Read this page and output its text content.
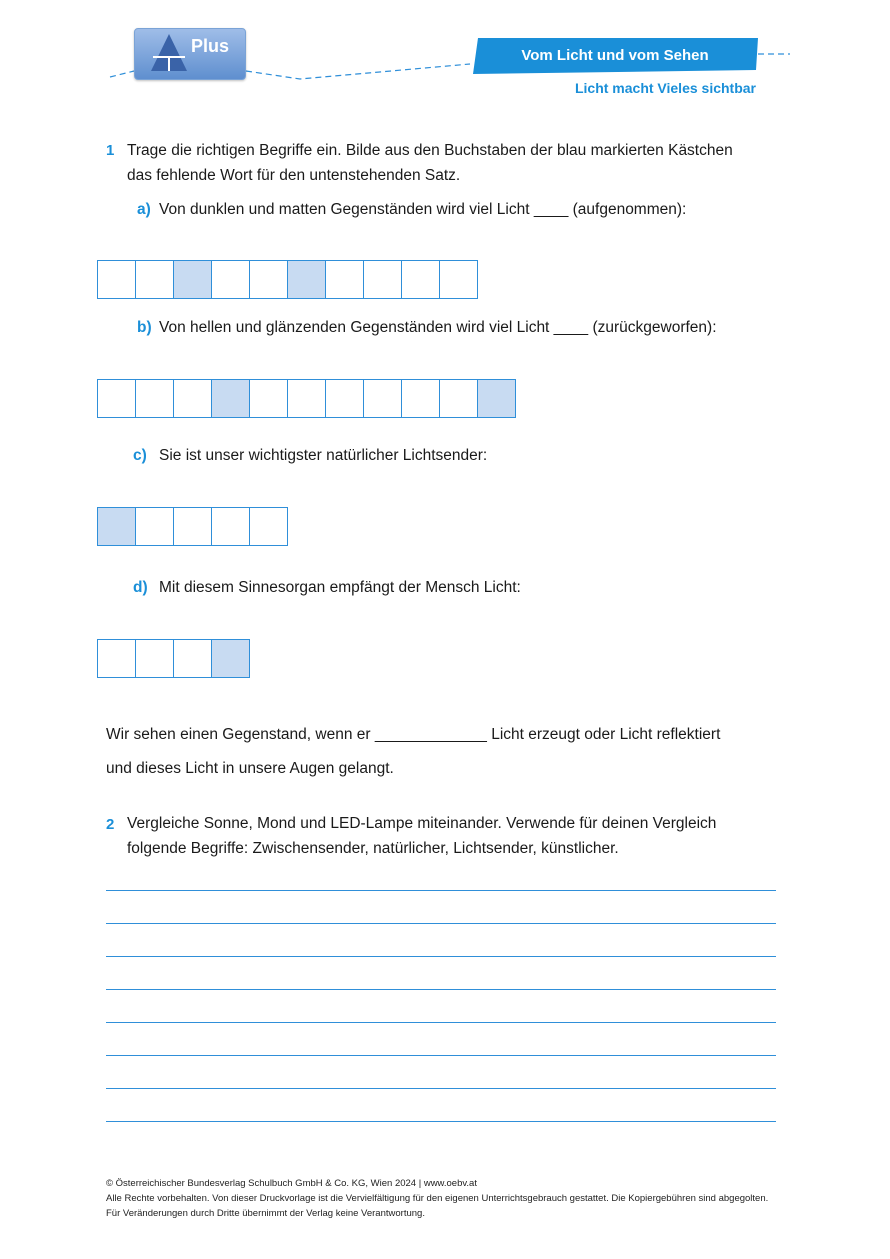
Plus	Vom Licht und vom Sehen
Licht macht Vieles sichtbar
1 Trage die richtigen Begriffe ein. Bilde aus den Buchstaben der blau markierten Kästchen
das fehlende Wort für den untenstehenden Satz.
a) Von dunklen und matten Gegenständen wird viel Licht ____ (aufgenommen):
b) Von hellen und glänzenden Gegenständen wird viel Licht ____ (zurückgeworfen):
c) Sie ist unser wichtigster natürlicher Lichtsender:
d) Mit diesem Sinnesorgan empfängt der Mensch Licht:
Wir sehen einen Gegenstand, wenn er _____________ Licht erzeugt oder Licht reflektiert
und dieses Licht in unsere Augen gelangt.
2 Vergleiche Sonne, Mond und LED-Lampe miteinander. Verwende für deinen Vergleich
folgende Begriffe: Zwischensender, natürlicher, Lichtsender, künstlicher.
© Österreichischer Bundesverlag Schulbuch GmbH & Co. KG, Wien 2024 | www.oebv.at
Alle Rechte vorbehalten. Von dieser Druckvorlage ist die Vervielfältigung für den eigenen Unterrichtsgebrauch gestattet. Die Kopiergebühren sind abgegolten.
Für Veränderungen durch Dritte übernimmt der Verlag keine Verantwortung.
